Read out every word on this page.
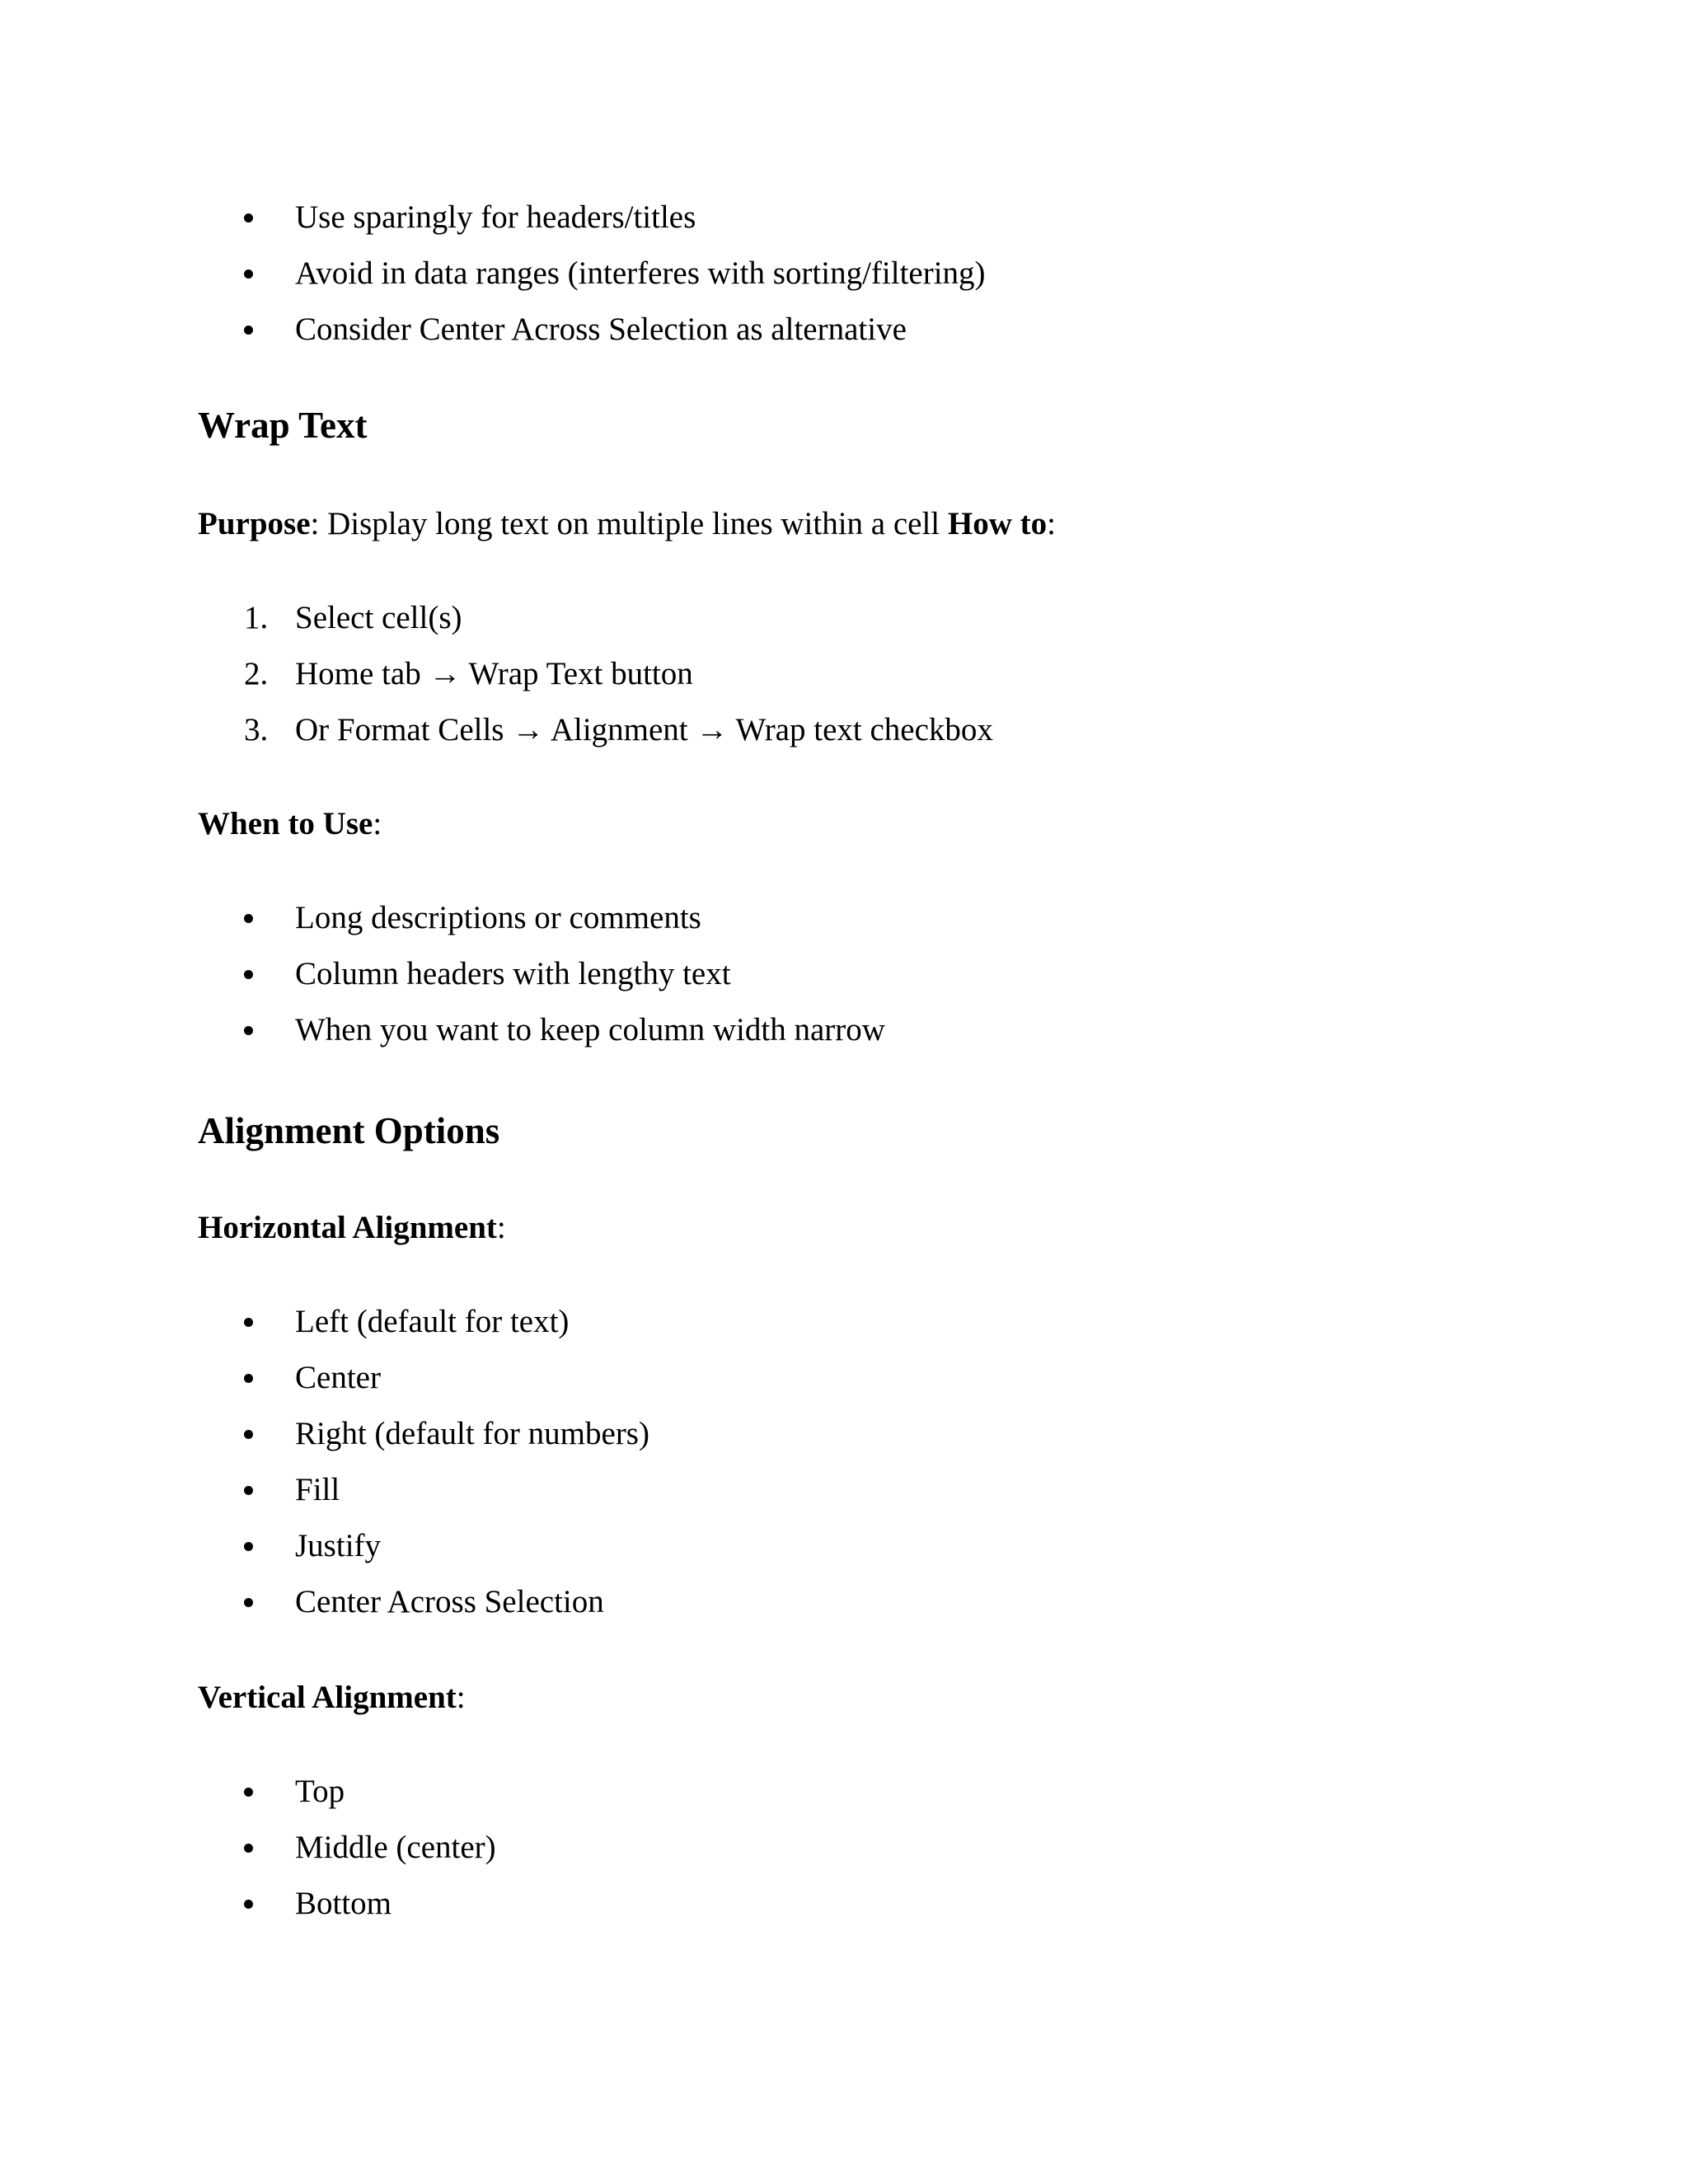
Use sparingly for headers/titles
Avoid in data ranges (interferes with sorting/filtering)
Consider Center Across Selection as alternative
Wrap Text
Purpose: Display long text on multiple lines within a cell How to:
1. Select cell(s)
2. Home tab → Wrap Text button
3. Or Format Cells → Alignment → Wrap text checkbox
When to Use:
Long descriptions or comments
Column headers with lengthy text
When you want to keep column width narrow
Alignment Options
Horizontal Alignment:
Left (default for text)
Center
Right (default for numbers)
Fill
Justify
Center Across Selection
Vertical Alignment:
Top
Middle (center)
Bottom
